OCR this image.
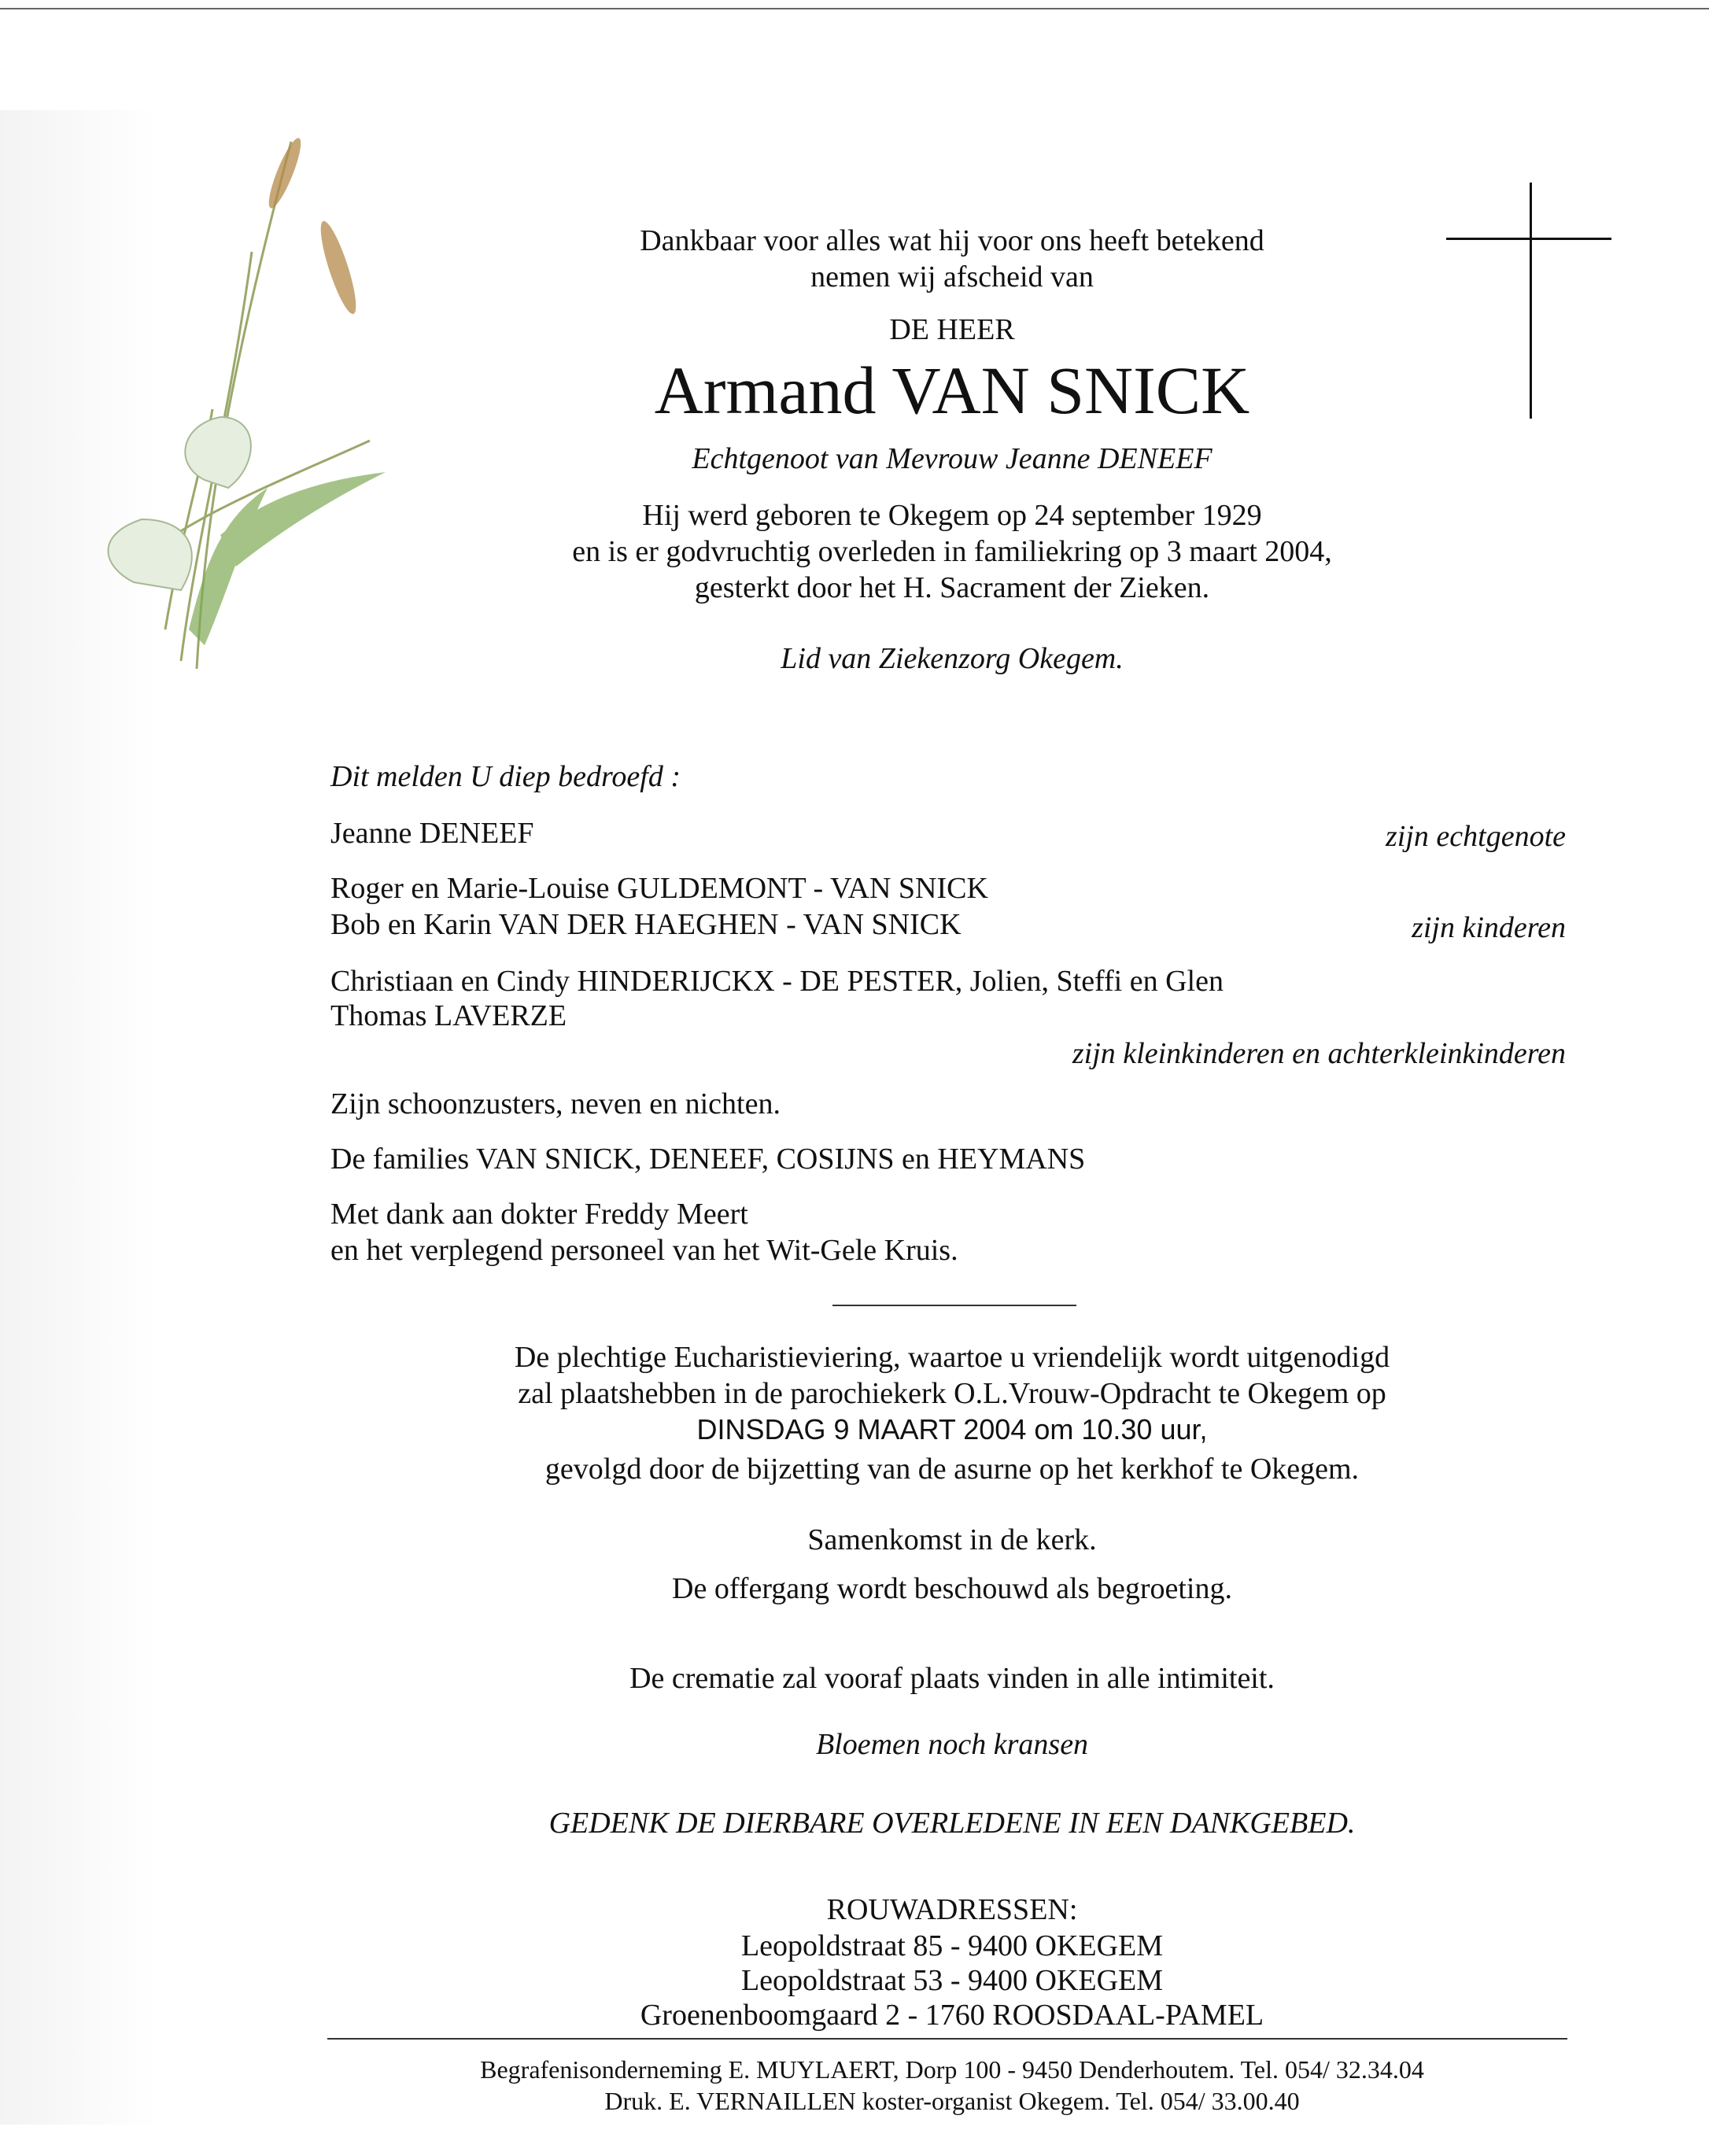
Dankbaar voor alles wat hij voor ons heeft betekend
nemen wij afscheid van
DE HEER
Armand VAN SNICK
Echtgenoot van Mevrouw Jeanne DENEEF
Hij werd geboren te Okegem op 24 september 1929
en is er godvruchtig overleden in familiekring op 3 maart 2004,
gesterkt door het H. Sacrament der Zieken.
Lid van Ziekenzorg Okegem.
Dit melden U diep bedroefd :
Jeanne DENEEF	zijn echtgenote
Roger en Marie-Louise GULDEMONT - VAN SNICK
Bob en Karin VAN DER HAEGHEN - VAN SNICK	zijn kinderen
Christiaan en Cindy HINDERIJCKX - DE PESTER, Jolien, Steffi en Glen
Thomas LAVERZE
zijn kleinkinderen en achterkleinkinderen
Zijn schoonzusters, neven en nichten.
De families VAN SNICK, DENEEF, COSIJNS en HEYMANS
Met dank aan dokter Freddy Meert
en het verplegend personeel van het Wit-Gele Kruis.
De plechtige Eucharistieviering, waartoe u vriendelijk wordt uitgenodigd
zal plaatshebben in de parochiekerk O.L.Vrouw-Opdracht te Okegem op
DINSDAG 9 MAART 2004 om 10.30 uur,
gevolgd door de bijzetting van de asurne op het kerkhof te Okegem.
Samenkomst in de kerk.
De offergang wordt beschouwd als begroeting.
De crematie zal vooraf plaats vinden in alle intimiteit.
Bloemen noch kransen
GEDENK DE DIERBARE OVERLEDENE IN EEN DANKGEBED.
ROUWADRESSEN:
Leopoldstraat 85 - 9400 OKEGEM
Leopoldstraat 53 - 9400 OKEGEM
Groenenboomgaard 2 - 1760 ROOSDAAL-PAMEL
Begrafenisonderneming E. MUYLAERT, Dorp 100 - 9450 Denderhoutem. Tel. 054/ 32.34.04
Druk. E. VERNAILLEN koster-organist Okegem. Tel. 054/ 33.00.40
